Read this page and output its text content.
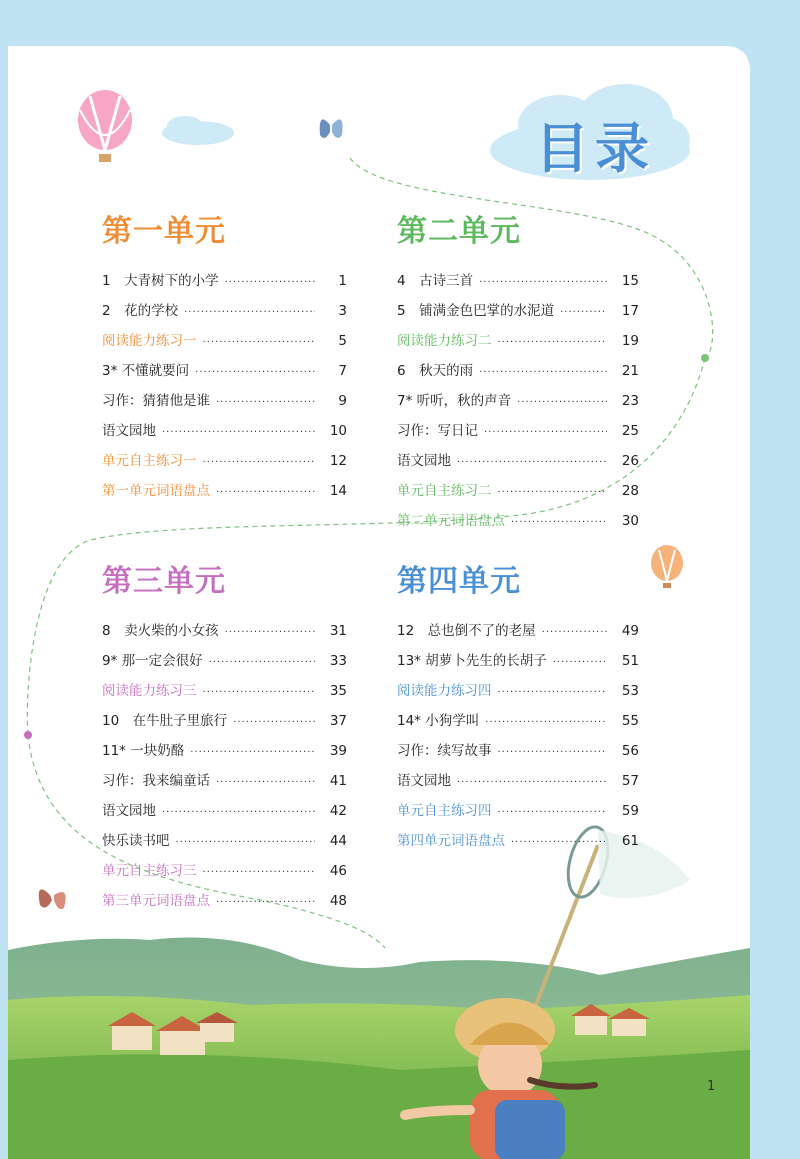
目录
第一单元
1　大青树下的小学 ·····	1
2　花的学校 ·····	3
阅读能力练习一 ·····	5
3* 不懂就要问 ·····	7
习作：猜猜他是谁 ·····	9
语文园地 ·····	10
单元自主练习一 ·····	12
第一单元词语盘点 ·····	14
第二单元
4　古诗三首 ·····	15
5　铺满金色巴掌的水泥道 ·····	17
阅读能力练习二 ·····	19
6　秋天的雨 ·····	21
7* 听听，秋的声音 ·····	23
习作：写日记 ·····	25
语文园地 ·····	26
单元自主练习二 ·····	28
第二单元词语盘点 ·····	30
第三单元
8　卖火柴的小女孩 ·····	31
9* 那一定会很好 ·····	33
阅读能力练习三 ·····	35
10　在牛肚子里旅行 ·····	37
11* 一块奶酪 ·····	39
习作：我来编童话 ·····	41
语文园地 ·····	42
快乐读书吧 ·····	44
单元自主练习三 ·····	46
第三单元词语盘点 ·····	48
第四单元
12　总也倒不了的老屋 ·····	49
13* 胡萝卜先生的长胡子 ·····	51
阅读能力练习四 ·····	53
14* 小狗学叫 ·····	55
习作：续写故事 ·····	56
语文园地 ·····	57
单元自主练习四 ·····	59
第四单元词语盘点 ·····	61
1
